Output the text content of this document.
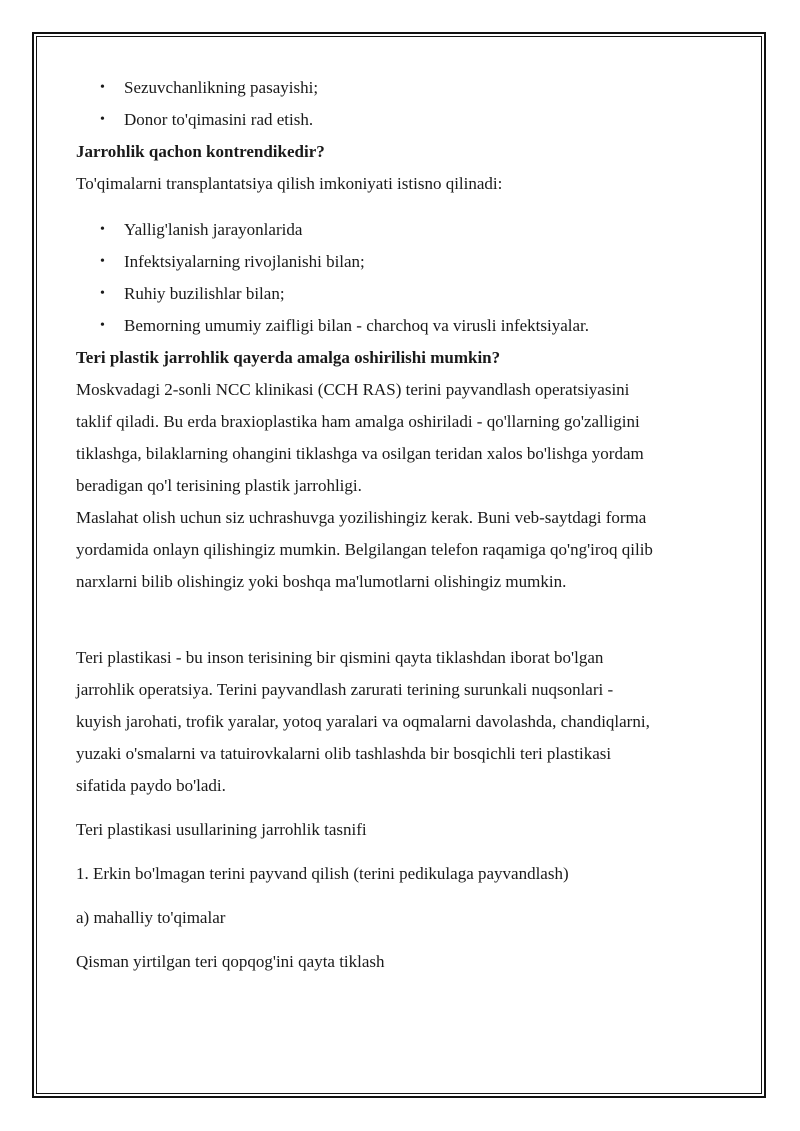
• Sezuvchanlikning pasayishi;
• Donor to'qimasini rad etish.
Jarrohlik qachon kontrendikedir?
To'qimalarni transplantatsiya qilish imkoniyati istisno qilinadi:
• Yallig'lanish jarayonlarida
• Infektsiyalarning rivojlanishi bilan;
• Ruhiy buzilishlar bilan;
• Bemorning umumiy zaifligi bilan - charchoq va virusli infektsiyalar.
Teri plastik jarrohlik qayerda amalga oshirilishi mumkin?
Moskvadagi 2-sonli NCC klinikasi (CCH RAS) terini payvandlash operatsiyasini
taklif qiladi. Bu erda braxioplastika ham amalga oshiriladi - qo'llarning go'zalligini
tiklashga, bilaklarning ohangini tiklashga va osilgan teridan xalos bo'lishga yordam
beradigan qo'l terisining plastik jarrohligi.
Maslahat olish uchun siz uchrashuvga yozilishingiz kerak. Buni veb-saytdagi forma
yordamida onlayn qilishingiz mumkin. Belgilangan telefon raqamiga qo'ng'iroq qilib
narxlarni bilib olishingiz yoki boshqa ma'lumotlarni olishingiz mumkin.
Teri plastikasi - bu inson terisining bir qismini qayta tiklashdan iborat bo'lgan
jarrohlik operatsiya. Terini payvandlash zarurati terining surunkali nuqsonlari -
kuyish jarohati, trofik yaralar, yotoq yaralari va oqmalarni davolashda, chandiqlarni,
yuzaki o'smalarni va tatuirovkalarni olib tashlashda bir bosqichli teri plastikasi
sifatida paydo bo'ladi.
Teri plastikasi usullarining jarrohlik tasnifi
1. Erkin bo'lmagan terini payvand qilish (terini pedikulaga payvandlash)
a) mahalliy to'qimalar
Qisman yirtilgan teri qopqog'ini qayta tiklash
